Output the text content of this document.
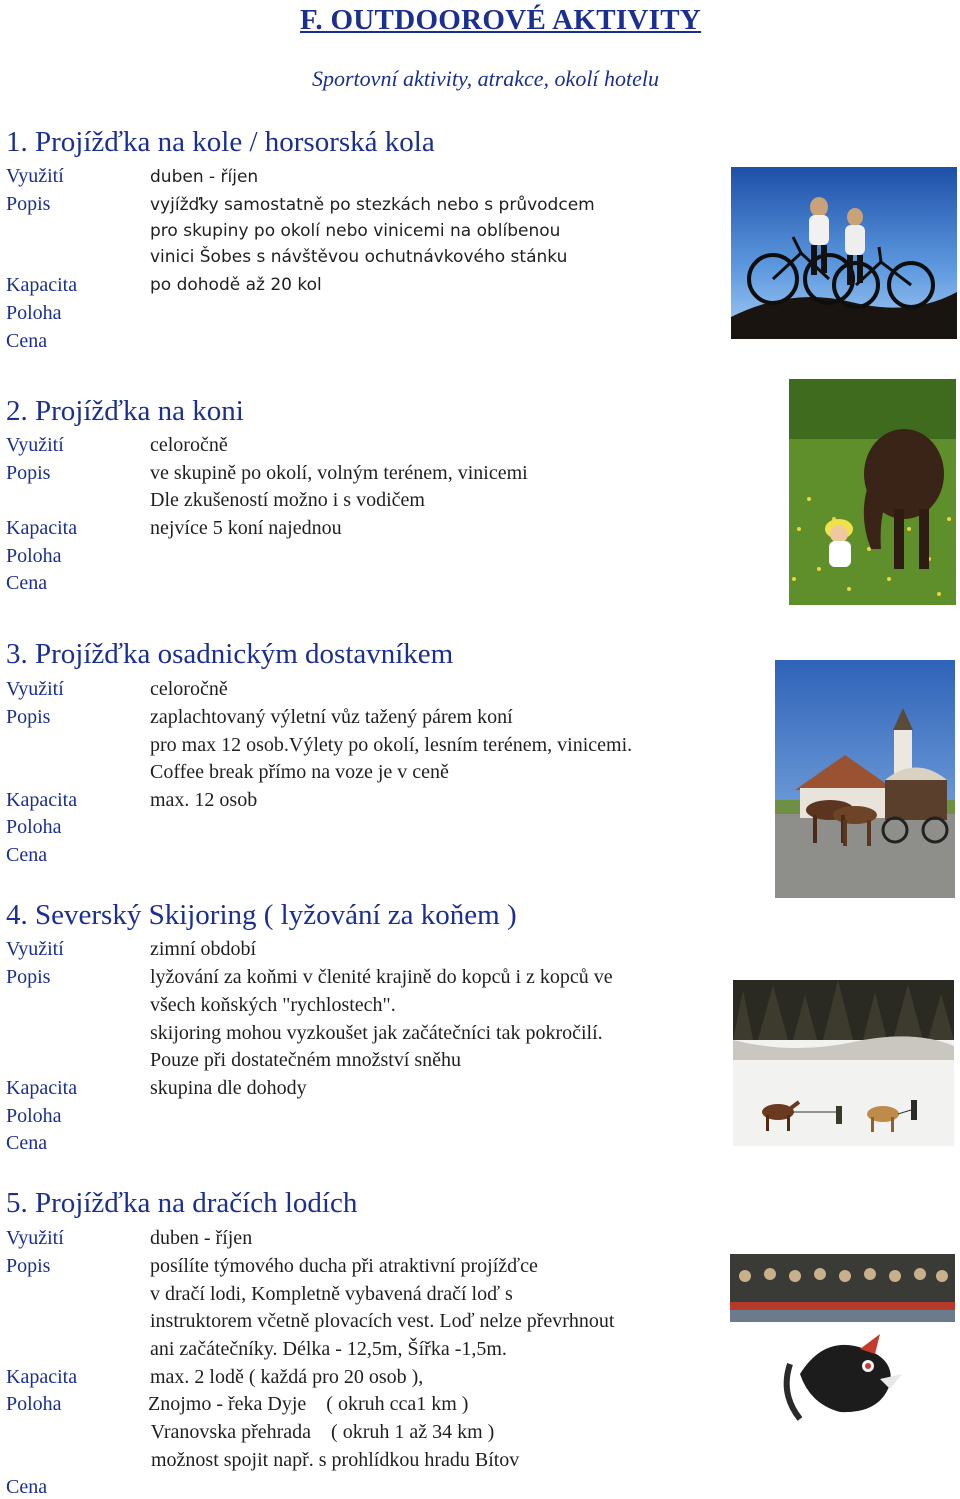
F. OUTDOOROVÉ AKTIVITY
Sportovní aktivity, atrakce, okolí hotelu
1. Projížďka na kole / horsorská kola
Využití	duben - říjen
Popis	vyjížďky samostatně po stezkách nebo s průvodcem
pro skupiny po okolí nebo vinicemi na oblíbenou
vinici Šobes s návštěvou ochutnávkového stánku
Kapacita	po dohodě až 20 kol
Poloha
Cena
2. Projížďka na koni
Využití	celoročně
Popis	ve skupině po okolí, volným terénem, vinicemi
Dle zkušeností možno i s vodičem
Kapacita	nejvíce 5 koní najednou
Poloha
Cena
3. Projížďka osadnickým dostavníkem
Využití	celoročně
Popis	zaplachtovaný výletní vůz tažený párem koní
pro max 12 osob.Výlety po okolí, lesním terénem, vinicemi.
Coffee break přímo na voze je v ceně
Kapacita	max. 12 osob
Poloha
Cena
4. Severský Skijoring ( lyžování za koňem )
Využití	zimní období
Popis	lyžování za koňmi v členité krajině do kopců i z kopců ve
všech koňských "rychlostech".
skijoring mohou vyzkoušet jak začátečníci tak pokročilí.
Pouze při dostatečném množství sněhu
Kapacita	skupina dle dohody
Poloha
Cena
5. Projížďka na dračích lodích
Využití	duben - říjen
Popis	posílíte týmového ducha při atraktivní projížďce
v dračí lodi, Kompletně vybavená dračí loď s
instruktorem včetně plovacích vest. Loď nelze převrhnout
ani začátečníky. Délka - 12,5m, Šířka -1,5m.
Kapacita	max. 2 lodě ( každá pro 20 osob ),
Poloha	Znojmo - řeka Dyje    ( okruh cca1 km )
Vranovska přehrada    ( okruh 1 až 34 km )
možnost spojit např. s prohlídkou hradu Bítov
Cena
